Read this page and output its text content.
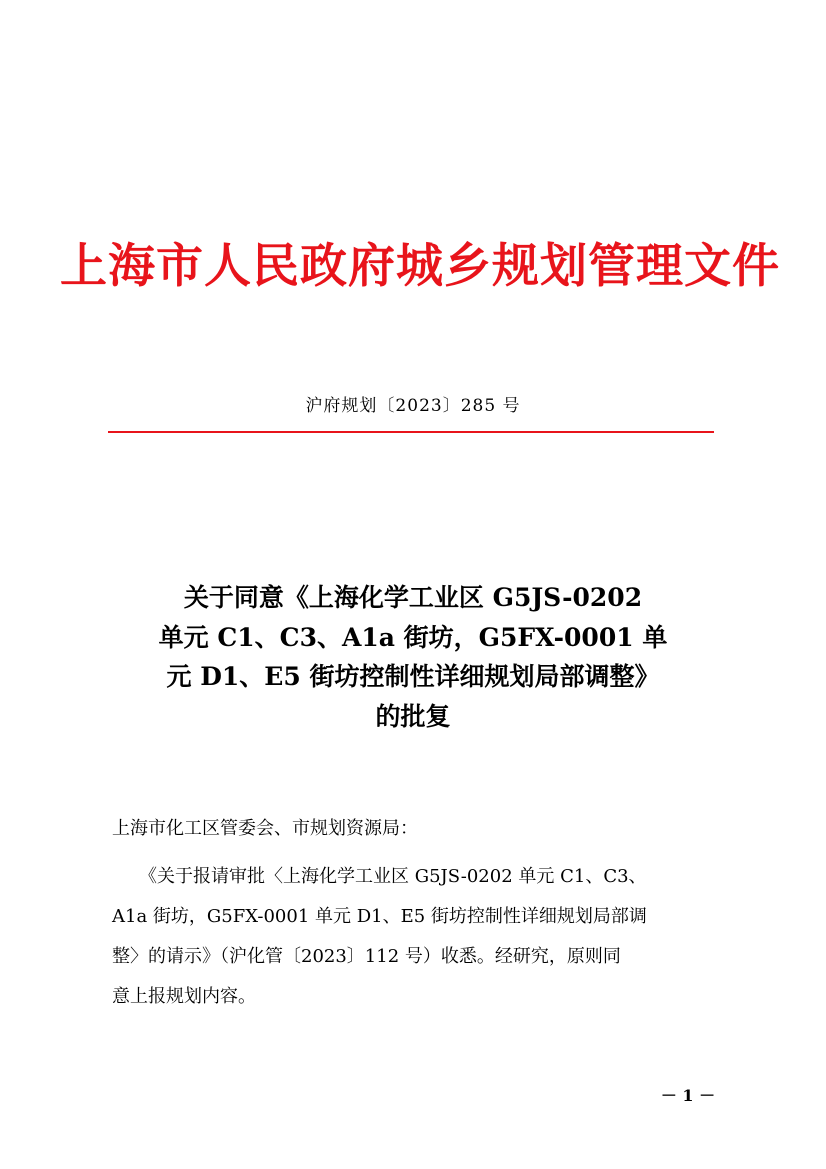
上海市人民政府城乡规划管理文件
沪府规划〔2023〕285 号
关于同意《上海化学工业区 G5JS-0202
单元 C1、C3、A1a 街坊，G5FX-0001 单
元 D1、E5 街坊控制性详细规划局部调整》
的批复
上海市化工区管委会、市规划资源局：
　　《关于报请审批〈上海化学工业区 G5JS-0202 单元 C1、C3、
A1a 街坊，G5FX-0001 单元 D1、E5 街坊控制性详细规划局部调
整〉的请示》（沪化管〔2023〕112 号）收悉。经研究，原则同
意上报规划内容。
－ 1 －
